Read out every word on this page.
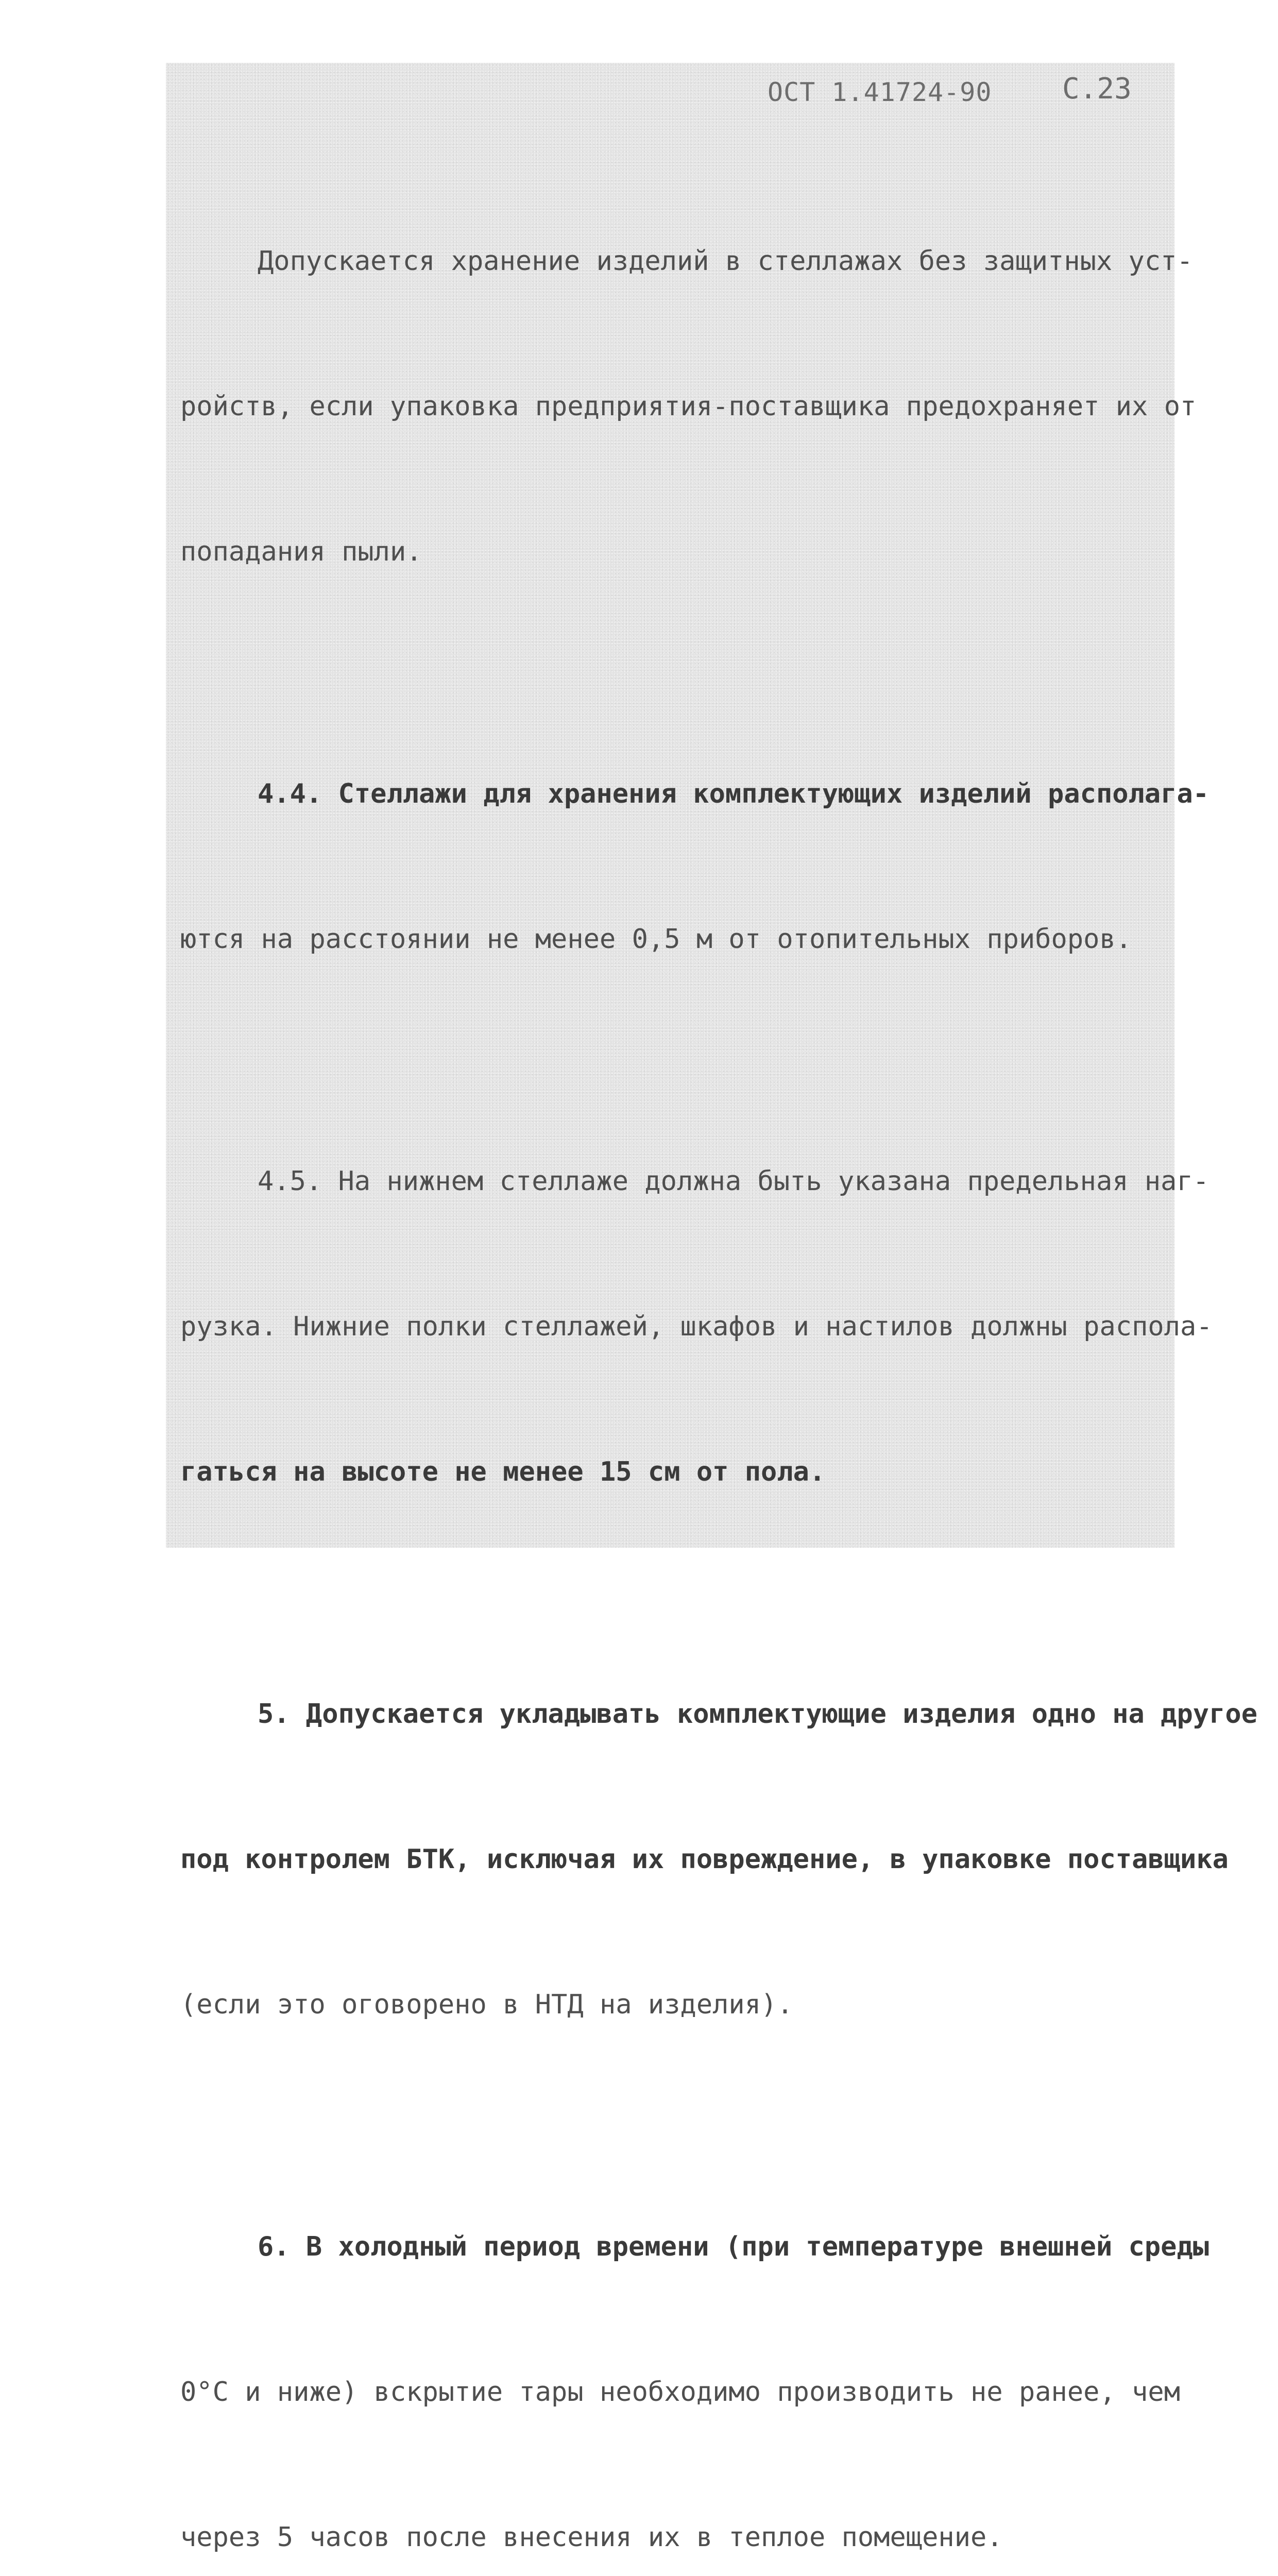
ОСТ 1.41724-90 С.23

Допускается хранение изделий в стеллажах без защитных уст-

ройств, если упаковка предприятия-поставщика предохраняет их от

попадания пыли.

4.4. Стеллажи для хранения комплектующих изделий располага-

ются на расстоянии не менее 0,5 м от отопительных приборов.

4.5. На нижнем стеллаже должна быть указана предельная наг-

рузка. Нижние полки стеллажей, шкафов и настилов должны распола-

гаться на высоте не менее 15 см от пола.

5. Допускается укладывать комплектующие изделия одно на другое

под контролем БТК, исключая их повреждение, в упаковке поставщика

(если это оговорено в НТД на изделия).

6. В холодный период времени (при температуре внешней среды

0°С и ниже) вскрытие тары необходимо производить не ранее, чем

через 5 часов после внесения их в теплое помещение.
